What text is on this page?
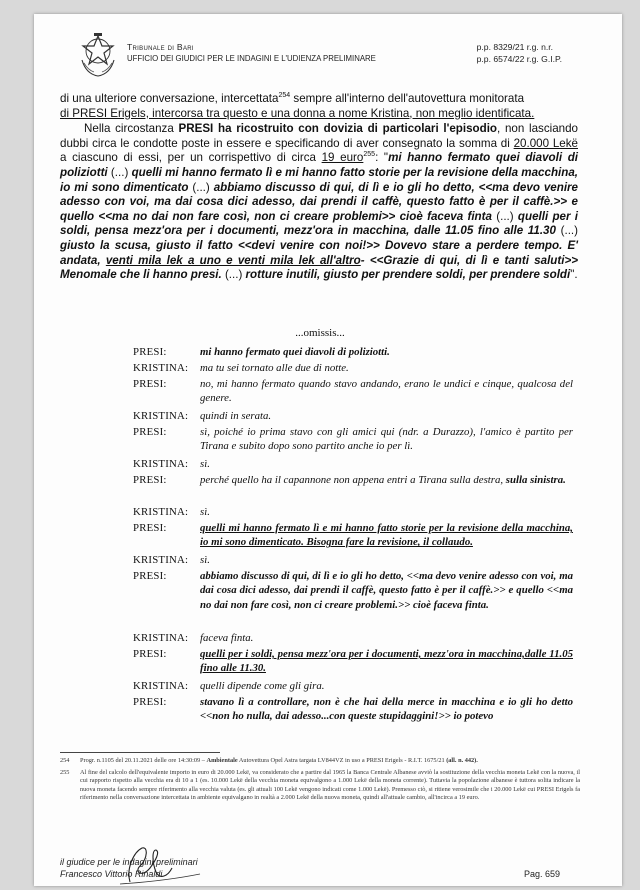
Tribunale di Bari
UFFICIO DEI GIUDICI PER LE INDAGINI E L'UDIENZA PRELIMINARE
p.p. 8329/21 r.g. n.r.
p.p. 6574/22 r.g. G.I.P.

di una ulteriore conversazione, intercettata$^{254}$ sempre all'interno dell'autovettura monitorata
di PRESI Erigels, intercorsa tra questo e una donna a nome Kristina, non meglio identificata.

Nella circostanza PRESI ha ricostruito con dovizia di particolari l'episodio, non lasciando dubbi circa le condotte poste in essere e specificando di aver consegnato la somma di 20.000 Lekë a ciascuno di essi, per un corrispettivo di circa 19 euro$^{255}$: "mi hanno fermato quei diavoli di poliziotti (...) quelli mi hanno fermato lì e mi hanno fatto storie per la revisione della macchina, io mi sono dimenticato (...) abbiamo discusso di qui, di lì e io gli ho detto, <<ma devo venire adesso con voi, ma dai cosa dici adesso, dai prendi il caffè, questo fatto è per il caffè.>> e quello <<ma no dai non fare così, non ci creare problemi>> cioè faceva finta (...) quelli per i soldi, pensa mezz'ora per i documenti, mezz'ora in macchina, dalle 11.05 fino alle 11.30 (...) giusto la scusa, giusto il fatto <<devi venire con noi!>> Dovevo stare a perdere tempo. E' andata, venti mila lek a uno e venti mila lek all'altro- <<Grazie di qui, di lì e tanti saluti>> Menomale che li hanno presi. (...) rotture inutili, giusto per prendere soldi, per prendere soldi".

...omissis...
PRESI:	mi hanno fermato quei diavoli di poliziotti.
KRISTINA: ma tu sei tornato alle due di notte.
PRESI:	no, mi hanno fermato quando stavo andando, erano le undici e cinque, qualcosa del genere.
KRISTINA: quindi in serata.
PRESI:	sì, poiché io prima stavo con gli amici qui (ndr. a Durazzo), l'amico è partito per Tirana e subito dopo sono partito anche io per lì.
KRISTINA: sì.
PRESI:	perché quello ha il capannone non appena entri a Tirana sulla destra, sulla sinistra.
KRISTINA: sì.
PRESI:	quelli mi hanno fermato lì e mi hanno fatto storie per la revisione della macchina, io mi sono dimenticato. Bisogna fare la revisione, il collaudo.
KRISTINA: sì.
PRESI:	abbiamo discusso di qui, di lì e io gli ho detto, <<ma devo venire adesso con voi, ma dai cosa dici adesso, dai prendi il caffè, questo fatto è per il caffè.>> e quello <<ma no dai non fare così, non ci creare problemi.>> cioè faceva finta.
KRISTINA: faceva finta.
PRESI:	quelli per i soldi, pensa mezz'ora per i documenti, mezz'ora in macchina,dalle 11.05 fino alle 11.30.
KRISTINA: quelli dipende come gli gira.
PRESI:	stavano lì a controllare, non è che hai della merce in macchina e io gli ho detto <<non ho nulla, dai adesso...con queste stupidaggini!>> io potevo
254 Progr. n.1105 del 20.11.2021 delle ore 14:30:09 – Ambientale Autovettura Opel Astra targata LV844VZ in uso a PRESI Erigels - R.I.T. 1675/21 (all. n. 442).
255 Al fine del calcolo dell'equivalente importo in euro di 20.000 Lekë, va considerato che a partire dal 1965 la Banca Centrale Albanese avviò la sostituzione della vecchia moneta Lekë con la nuova, il cui rapporto rispetto alla vecchia era di 10 a 1 (es. 10.000 Lekë della vecchia moneta equivalgono a 1.000 Lekë della moneta corrente). Tuttavia la popolazione albanese è tuttora solita indicare la nuova moneta facendo sempre riferimento alla vecchia valuta (es. gli attuali 100 Lekë vengono indicati come 1.000 Lekë). Premesso ciò, si ritiene verosimile che i 20.000 Lekë cui PRESI Erigels fa riferimento nella conversazione intercettata in ambiente equivalgano in realtà a 2.000 Lekë della nuova moneta, quindi all'attuale cambio, all'incirca a 19 euro.
il giudice per le indagini preliminari
Francesco Vittorio Rinaldi	Pag. 659
